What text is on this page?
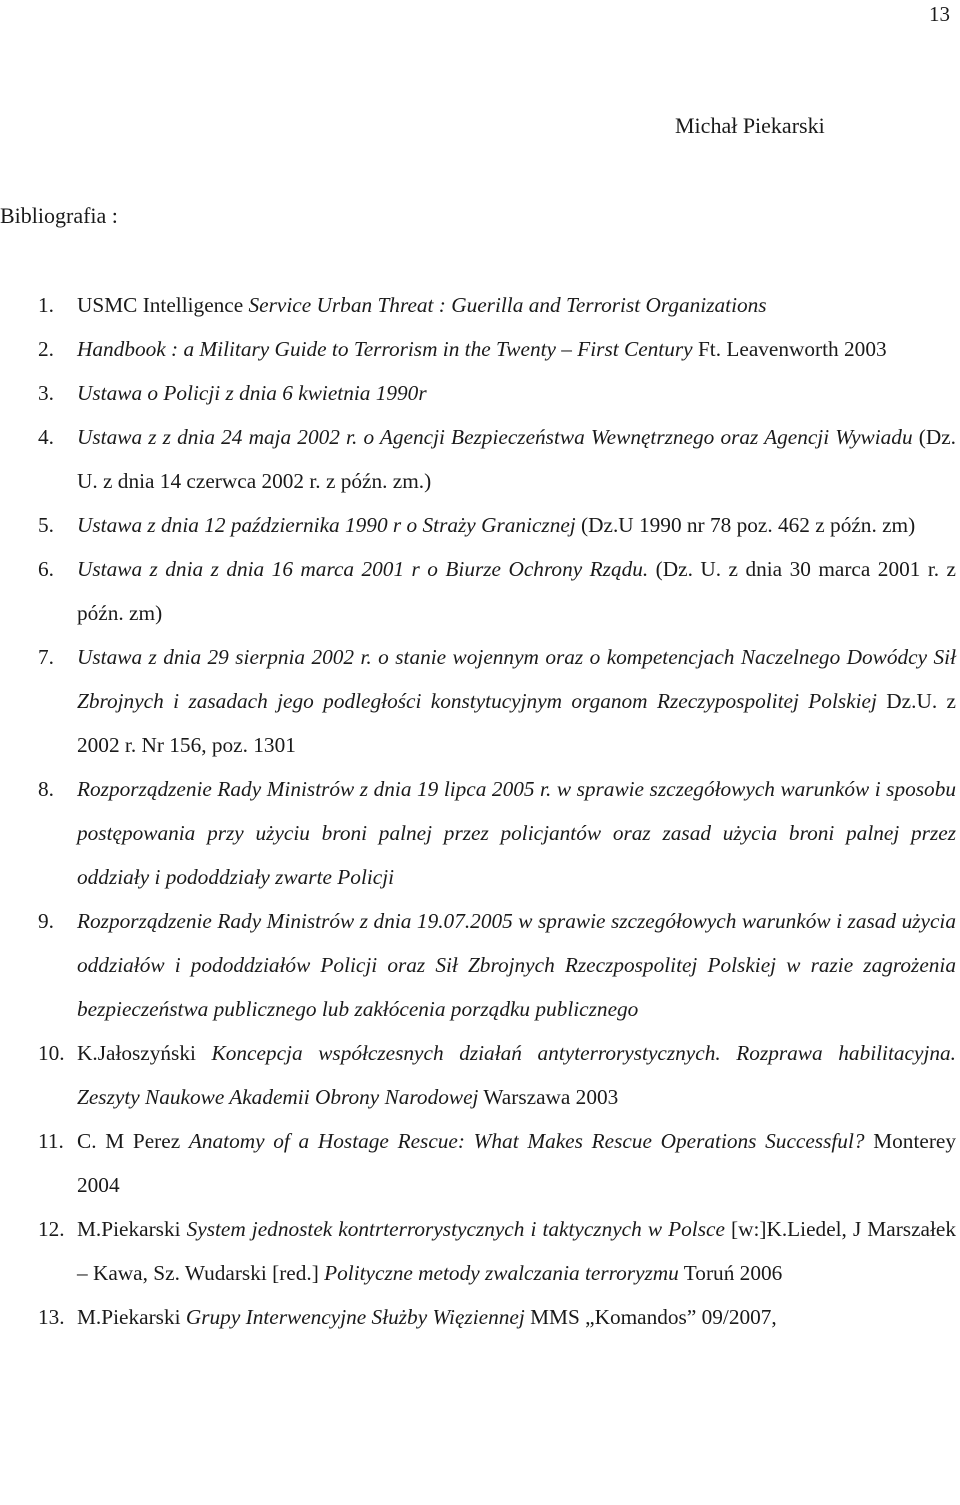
13
Michał Piekarski
Bibliografia :
1. USMC Intelligence Service Urban Threat : Guerilla and Terrorist Organizations
2. Handbook : a Military Guide to Terrorism in the Twenty – First Century Ft. Leavenworth 2003
3. Ustawa o Policji z dnia 6 kwietnia 1990r
4. Ustawa z z dnia 24 maja 2002 r. o Agencji Bezpieczeństwa Wewnętrznego oraz Agencji Wywiadu (Dz. U. z dnia 14 czerwca 2002 r. z późn. zm.)
5. Ustawa z dnia 12 października 1990 r o Straży Granicznej (Dz.U 1990 nr 78 poz. 462 z późn. zm)
6. Ustawa z dnia z dnia 16 marca 2001 r o Biurze Ochrony Rządu. (Dz. U. z dnia 30 marca 2001 r. z późn. zm)
7. Ustawa z dnia 29 sierpnia 2002 r. o stanie wojennym oraz o kompetencjach Naczelnego Dowódcy Sił Zbrojnych i zasadach jego podległości konstytucyjnym organom Rzeczypospolitej Polskiej Dz.U. z 2002 r. Nr 156, poz. 1301
8. Rozporządzenie Rady Ministrów z dnia 19 lipca 2005 r. w sprawie szczegółowych warunków i sposobu postępowania przy użyciu broni palnej przez policjantów oraz zasad użycia broni palnej przez oddziały i pododdziały zwarte Policji
9. Rozporządzenie Rady Ministrów z dnia 19.07.2005 w sprawie szczegółowych warunków i zasad użycia oddziałów i pododdziałów Policji oraz Sił Zbrojnych Rzeczpospolitej Polskiej w razie zagrożenia bezpieczeństwa publicznego lub zakłócenia porządku publicznego
10. K.Jałoszyński Koncepcja współczesnych działań antyterrorystycznych. Rozprawa habilitacyjna. Zeszyty Naukowe Akademii Obrony Narodowej Warszawa 2003
11. C. M Perez Anatomy of a Hostage Rescue: What Makes Rescue Operations Successful? Monterey 2004
12. M.Piekarski System jednostek kontrterrorystycznych i taktycznych w Polsce [w:]K.Liedel, J Marszałek – Kawa, Sz. Wudarski [red.] Polityczne metody zwalczania terroryzmu Toruń 2006
13. M.Piekarski Grupy Interwencyjne Służby Więziennej MMS „Komandos” 09/2007,
